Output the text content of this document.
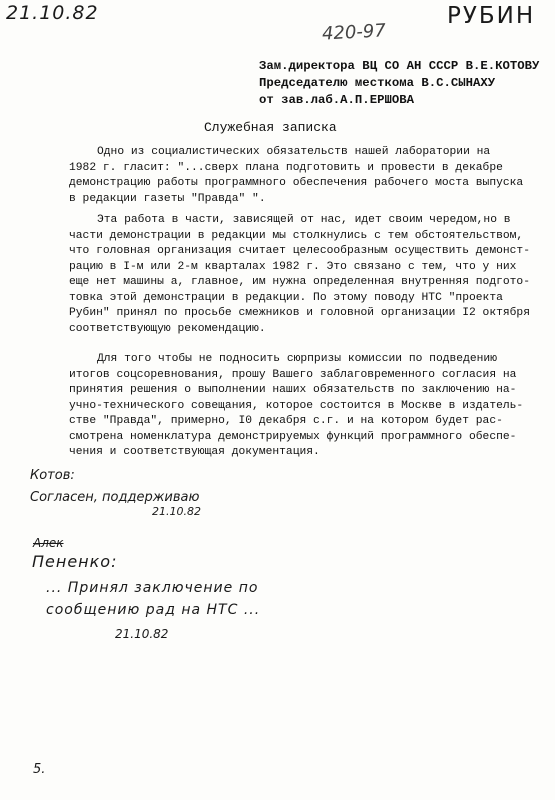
21.10.82

420-97

РУБИН

Зам.директора ВЦ СО АН СССР В.Е.КОТОВУ

Председателю месткома В.С.СЫНАХУ

от зав.лаб.А.П.ЕРШОВА

Служебная записка

Одно из социалистических обязательств нашей лаборатории на
1982 г. гласит: "...сверх плана подготовить и провести в декабре
демонстрацию работы программного обеспечения рабочего моста выпуска
в редакции газеты "Правда" ".
Эта работа в части, зависящей от нас, идет своим чередом,но в
части демонстрации в редакции мы столкнулись с тем обстоятельством,
что головная организация считает целесообразным осуществить демонст-
рацию в I-м или 2-м кварталах 1982 г. Это связано с тем, что у них
еще нет машины а, главное, им нужна определенная внутренняя подгото-
товка этой демонстрации в редакции. По этому поводу НТС "проекта
Рубин" принял по просьбе смежников и головной организации I2 октября
соответствующую рекомендацию.
Для того чтобы не подносить сюрпризы комиссии по подведению
итогов соцсоревнования, прошу Вашего заблаговременного согласия на
принятия решения о выполнении наших обязательств по заключению на-
учно-технического совещания, которое состоится в Москве в издатель-
стве "Правда", примерно, I0 декабря с.г. и на котором будет рас-
смотрена номенклатура демонстрируемых функций программного обеспе-
чения и соответствующая документация.

Котов:

Согласен, поддерживаю

21.10.82

Алек

Пененко:

... Принял заключение по

сообщению рад на НТС ...

21.10.82

5.
